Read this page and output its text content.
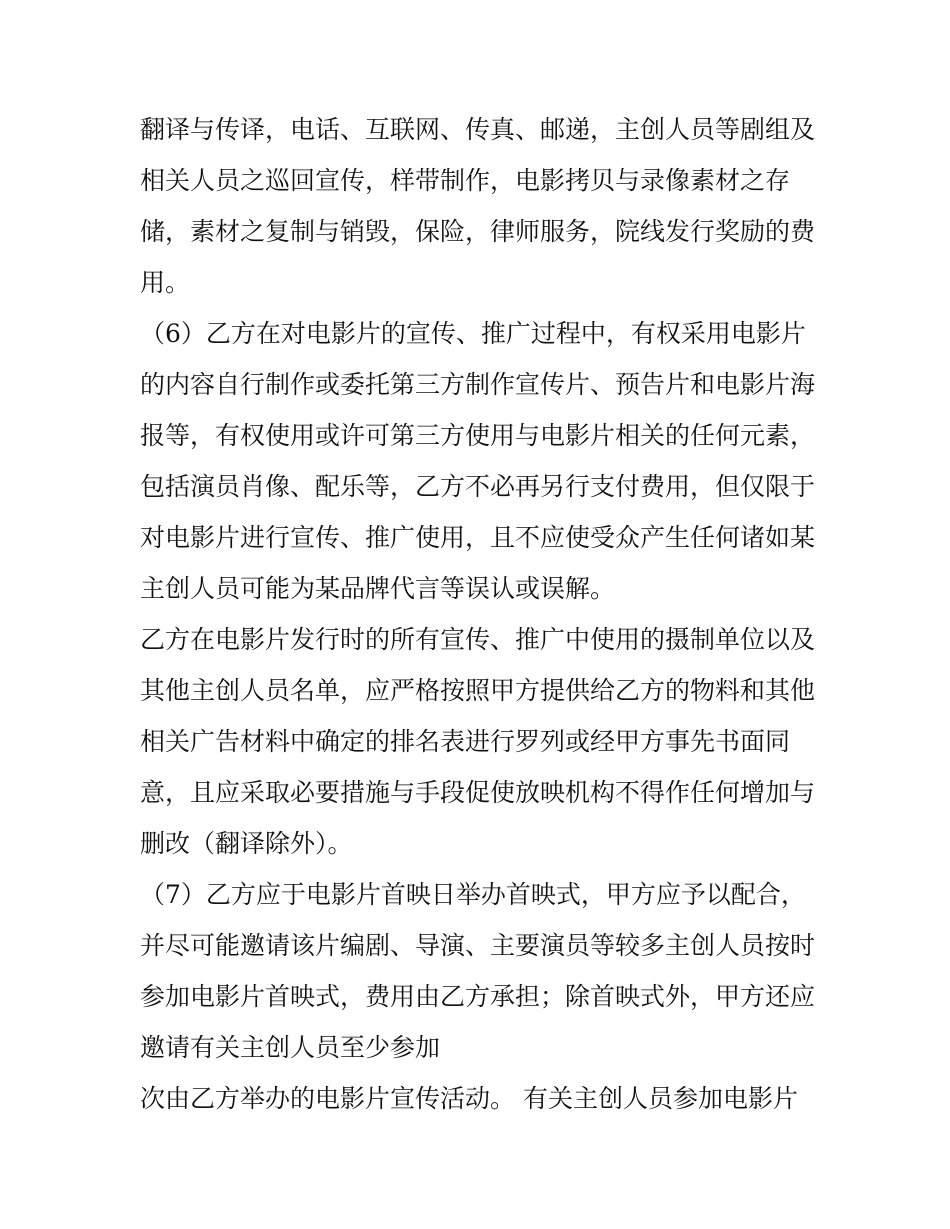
翻译与传译，电话、互联网、传真、邮递，主创人员等剧组及
相关人员之巡回宣传，样带制作，电影拷贝与录像素材之存
储，素材之复制与销毁，保险，律师服务，院线发行奖励的费
用。
（6）乙方在对电影片的宣传、推广过程中，有权采用电影片
的内容自行制作或委托第三方制作宣传片、预告片和电影片海
报等，有权使用或许可第三方使用与电影片相关的任何元素，
包括演员肖像、配乐等，乙方不必再另行支付费用，但仅限于
对电影片进行宣传、推广使用，且不应使受众产生任何诸如某
主创人员可能为某品牌代言等误认或误解。
乙方在电影片发行时的所有宣传、推广中使用的摄制单位以及
其他主创人员名单，应严格按照甲方提供给乙方的物料和其他
相关广告材料中确定的排名表进行罗列或经甲方事先书面同
意，且应采取必要措施与手段促使放映机构不得作任何增加与
删改（翻译除外）。
（7）乙方应于电影片首映日举办首映式，甲方应予以配合，
并尽可能邀请该片编剧、导演、主要演员等较多主创人员按时
参加电影片首映式，费用由乙方承担；除首映式外，甲方还应
邀请有关主创人员至少参加
次由乙方举办的电影片宣传活动。 有关主创人员参加电影片
